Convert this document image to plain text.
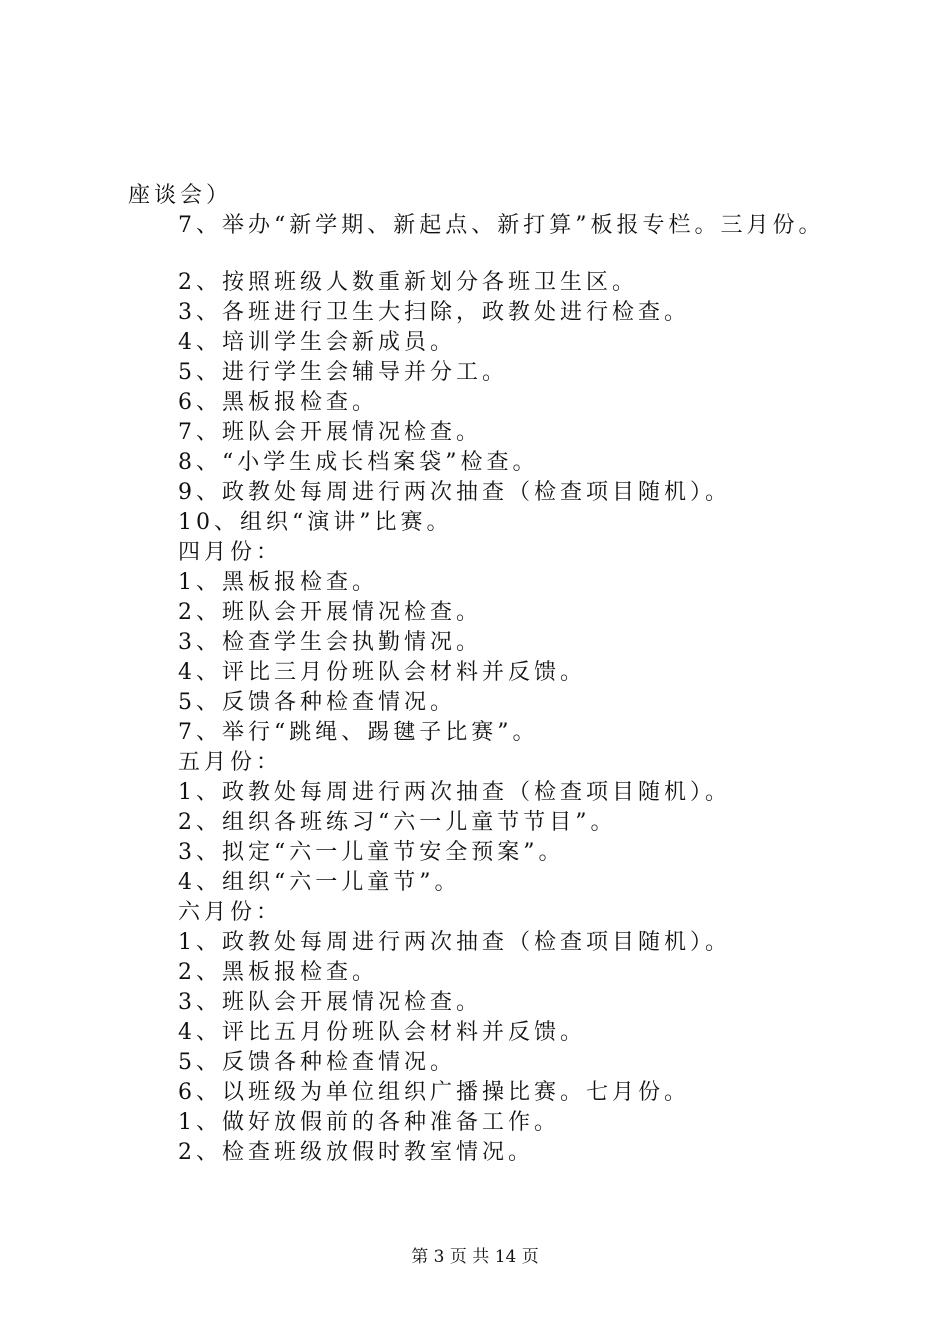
座谈会）
7、举办“新学期、新起点、新打算”板报专栏。三月份。
2、按照班级人数重新划分各班卫生区。
3、各班进行卫生大扫除，政教处进行检查。
4、培训学生会新成员。
5、进行学生会辅导并分工。
6、黑板报检查。
7、班队会开展情况检查。
8、“小学生成长档案袋”检查。
9、政教处每周进行两次抽查（检查项目随机）。
10、组织“演讲”比赛。
四月份：
1、黑板报检查。
2、班队会开展情况检查。
3、检查学生会执勤情况。
4、评比三月份班队会材料并反馈。
5、反馈各种检查情况。
7、举行“跳绳、踢毽子比赛”。
五月份：
1、政教处每周进行两次抽查（检查项目随机）。
2、组织各班练习“六一儿童节节目”。
3、拟定“六一儿童节安全预案”。
4、组织“六一儿童节”。
六月份：
1、政教处每周进行两次抽查（检查项目随机）。
2、黑板报检查。
3、班队会开展情况检查。
4、评比五月份班队会材料并反馈。
5、反馈各种检查情况。
6、以班级为单位组织广播操比赛。七月份。
1、做好放假前的各种准备工作。
2、检查班级放假时教室情况。
第 3 页 共 14 页
